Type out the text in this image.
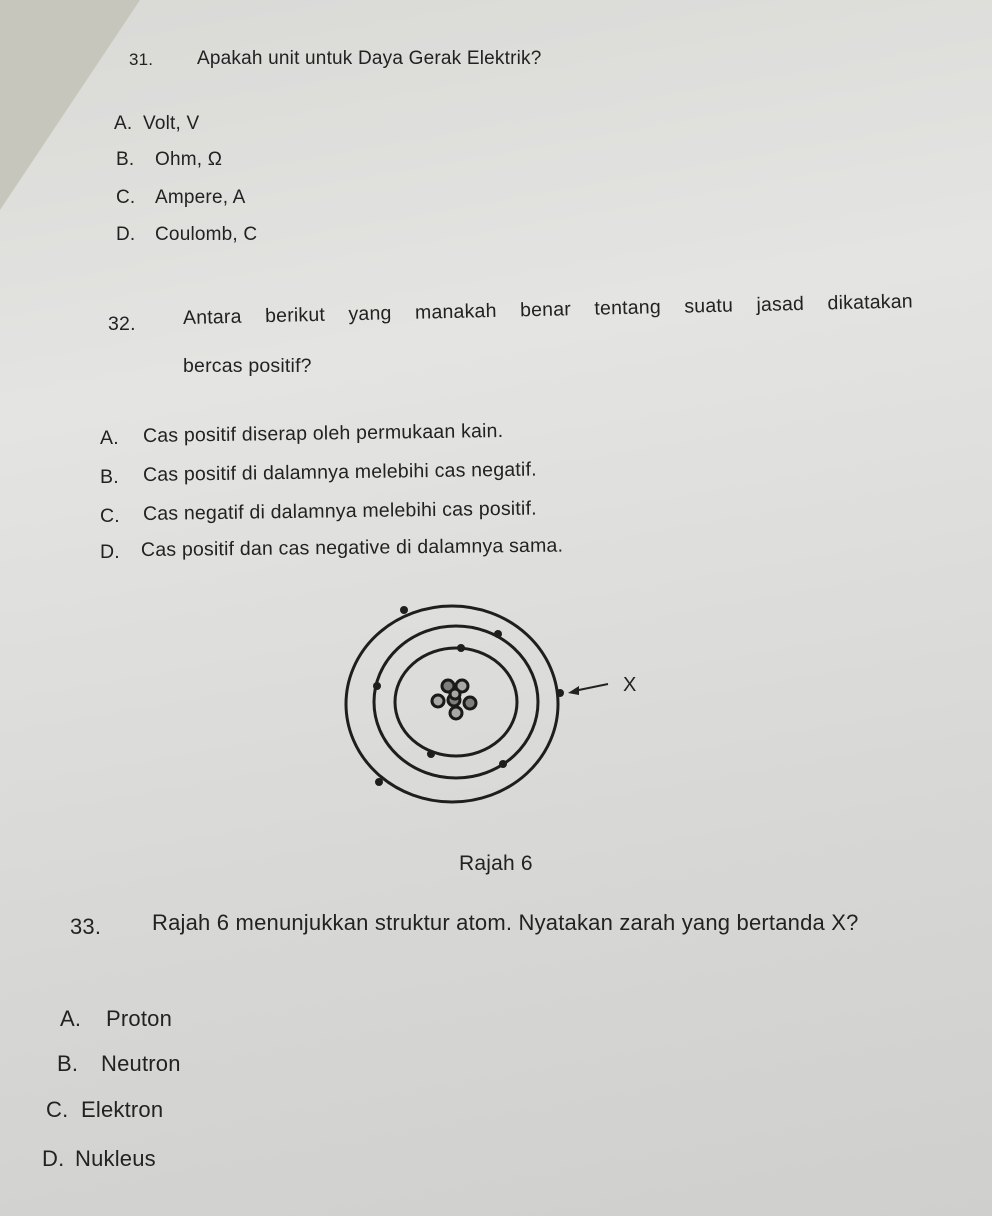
31. Apakah unit untuk Daya Gerak Elektrik?
A. Volt, V
B. Ohm, Ω
C. Ampere, A
D. Coulomb, C
32. Antara berikut yang manakah benar tentang suatu jasad dikatakan
bercas positif?
A. Cas positif diserap oleh permukaan kain.
B. Cas positif di dalamnya melebihi cas negatif.
C. Cas negatif di dalamnya melebihi cas positif.
D. Cas positif dan cas negative di dalamnya sama.
X
Rajah 6
33. Rajah 6 menunjukkan struktur atom. Nyatakan zarah yang bertanda X?
A. Proton
B. Neutron
C. Elektron
D. Nukleus
